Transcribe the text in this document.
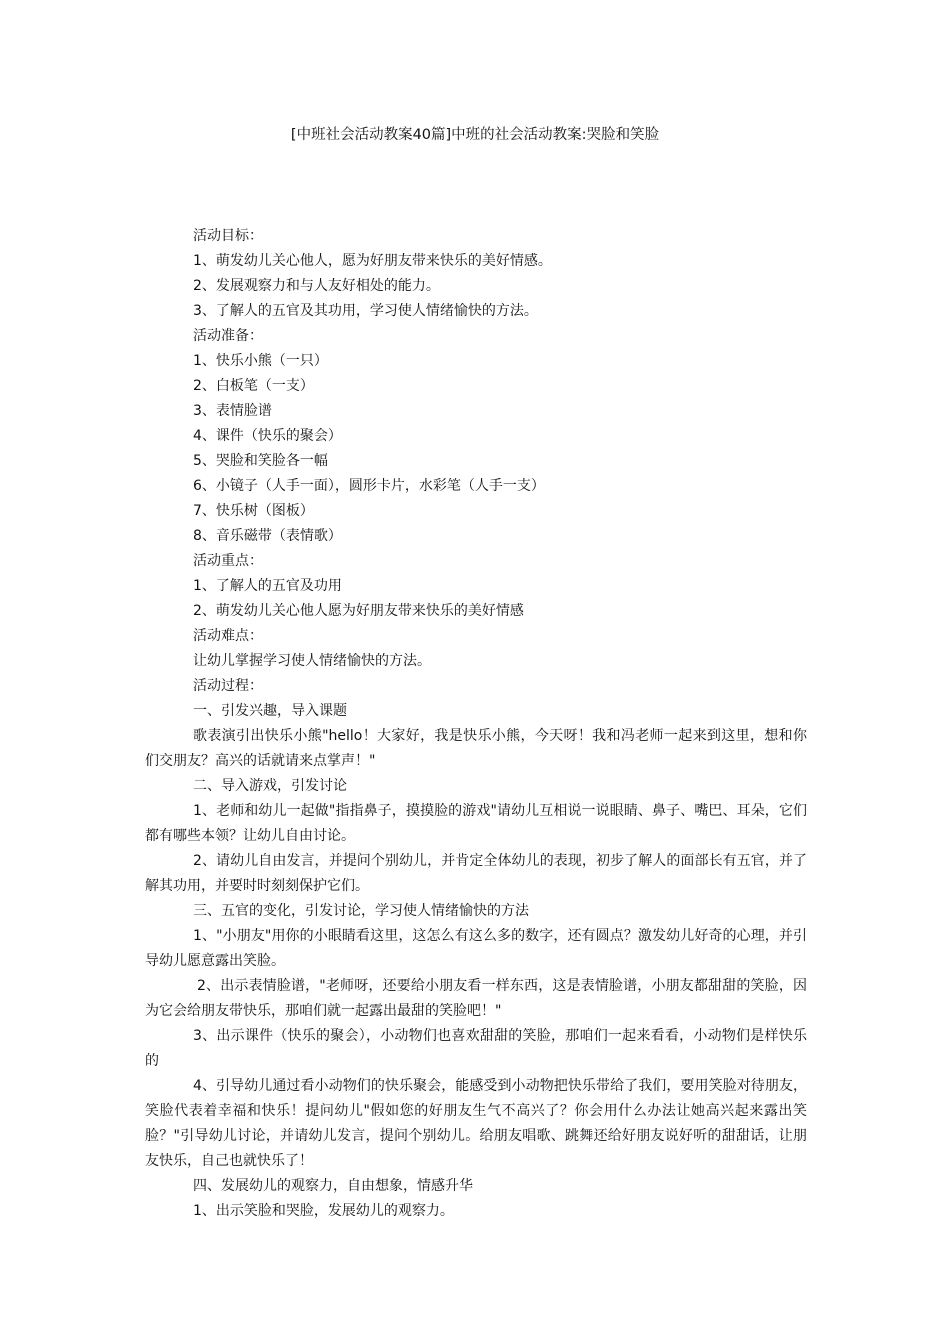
[中班社会活动教案40篇]中班的社会活动教案:哭脸和笑脸

活动目标：

1、萌发幼儿关心他人，愿为好朋友带来快乐的美好情感。

2、发展观察力和与人友好相处的能力。

3、了解人的五官及其功用，学习使人情绪愉快的方法。

活动准备：

1、快乐小熊（一只）

2、白板笔（一支）

3、表情脸谱

4、课件（快乐的聚会）

5、哭脸和笑脸各一幅

6、小镜子（人手一面），圆形卡片，水彩笔（人手一支）

7、快乐树（图板）

8、音乐磁带（表情歌）

活动重点：

1、了解人的五官及功用

2、萌发幼儿关心他人愿为好朋友带来快乐的美好情感

活动难点：

让幼儿掌握学习使人情绪愉快的方法。

活动过程：

一、引发兴趣，导入课题

歌表演引出快乐小熊"hello！大家好，我是快乐小熊，今天呀！我和冯老师一起来到这里，想和你们交朋友？高兴的话就请来点掌声！"

二、导入游戏，引发讨论

1、老师和幼儿一起做"指指鼻子，摸摸脸的游戏"请幼儿互相说一说眼睛、鼻子、嘴巴、耳朵，它们都有哪些本领？让幼儿自由讨论。

2、请幼儿自由发言，并提问个别幼儿，并肯定全体幼儿的表现，初步了解人的面部长有五官，并了解其功用，并要时时刻刻保护它们。

三、五官的变化，引发讨论，学习使人情绪愉快的方法

1、"小朋友"用你的小眼睛看这里，这怎么有这么多的数字，还有圆点？激发幼儿好奇的心理，并引导幼儿愿意露出笑脸。

2、出示表情脸谱，"老师呀，还要给小朋友看一样东西，这是表情脸谱，小朋友都甜甜的笑脸，因为它会给朋友带快乐，那咱们就一起露出最甜的笑脸吧！"

3、出示课件（快乐的聚会），小动物们也喜欢甜甜的笑脸，那咱们一起来看看，小动物们是样快乐的

4、引导幼儿通过看小动物们的快乐聚会，能感受到小动物把快乐带给了我们，要用笑脸对待朋友，笑脸代表着幸福和快乐！提问幼儿"假如您的好朋友生气不高兴了？你会用什么办法让她高兴起来露出笑脸？"引导幼儿讨论，并请幼儿发言，提问个别幼儿。给朋友唱歌、跳舞还给好朋友说好听的甜甜话，让朋友快乐，自己也就快乐了！

四、发展幼儿的观察力，自由想象，情感升华

1、出示笑脸和哭脸，发展幼儿的观察力。
